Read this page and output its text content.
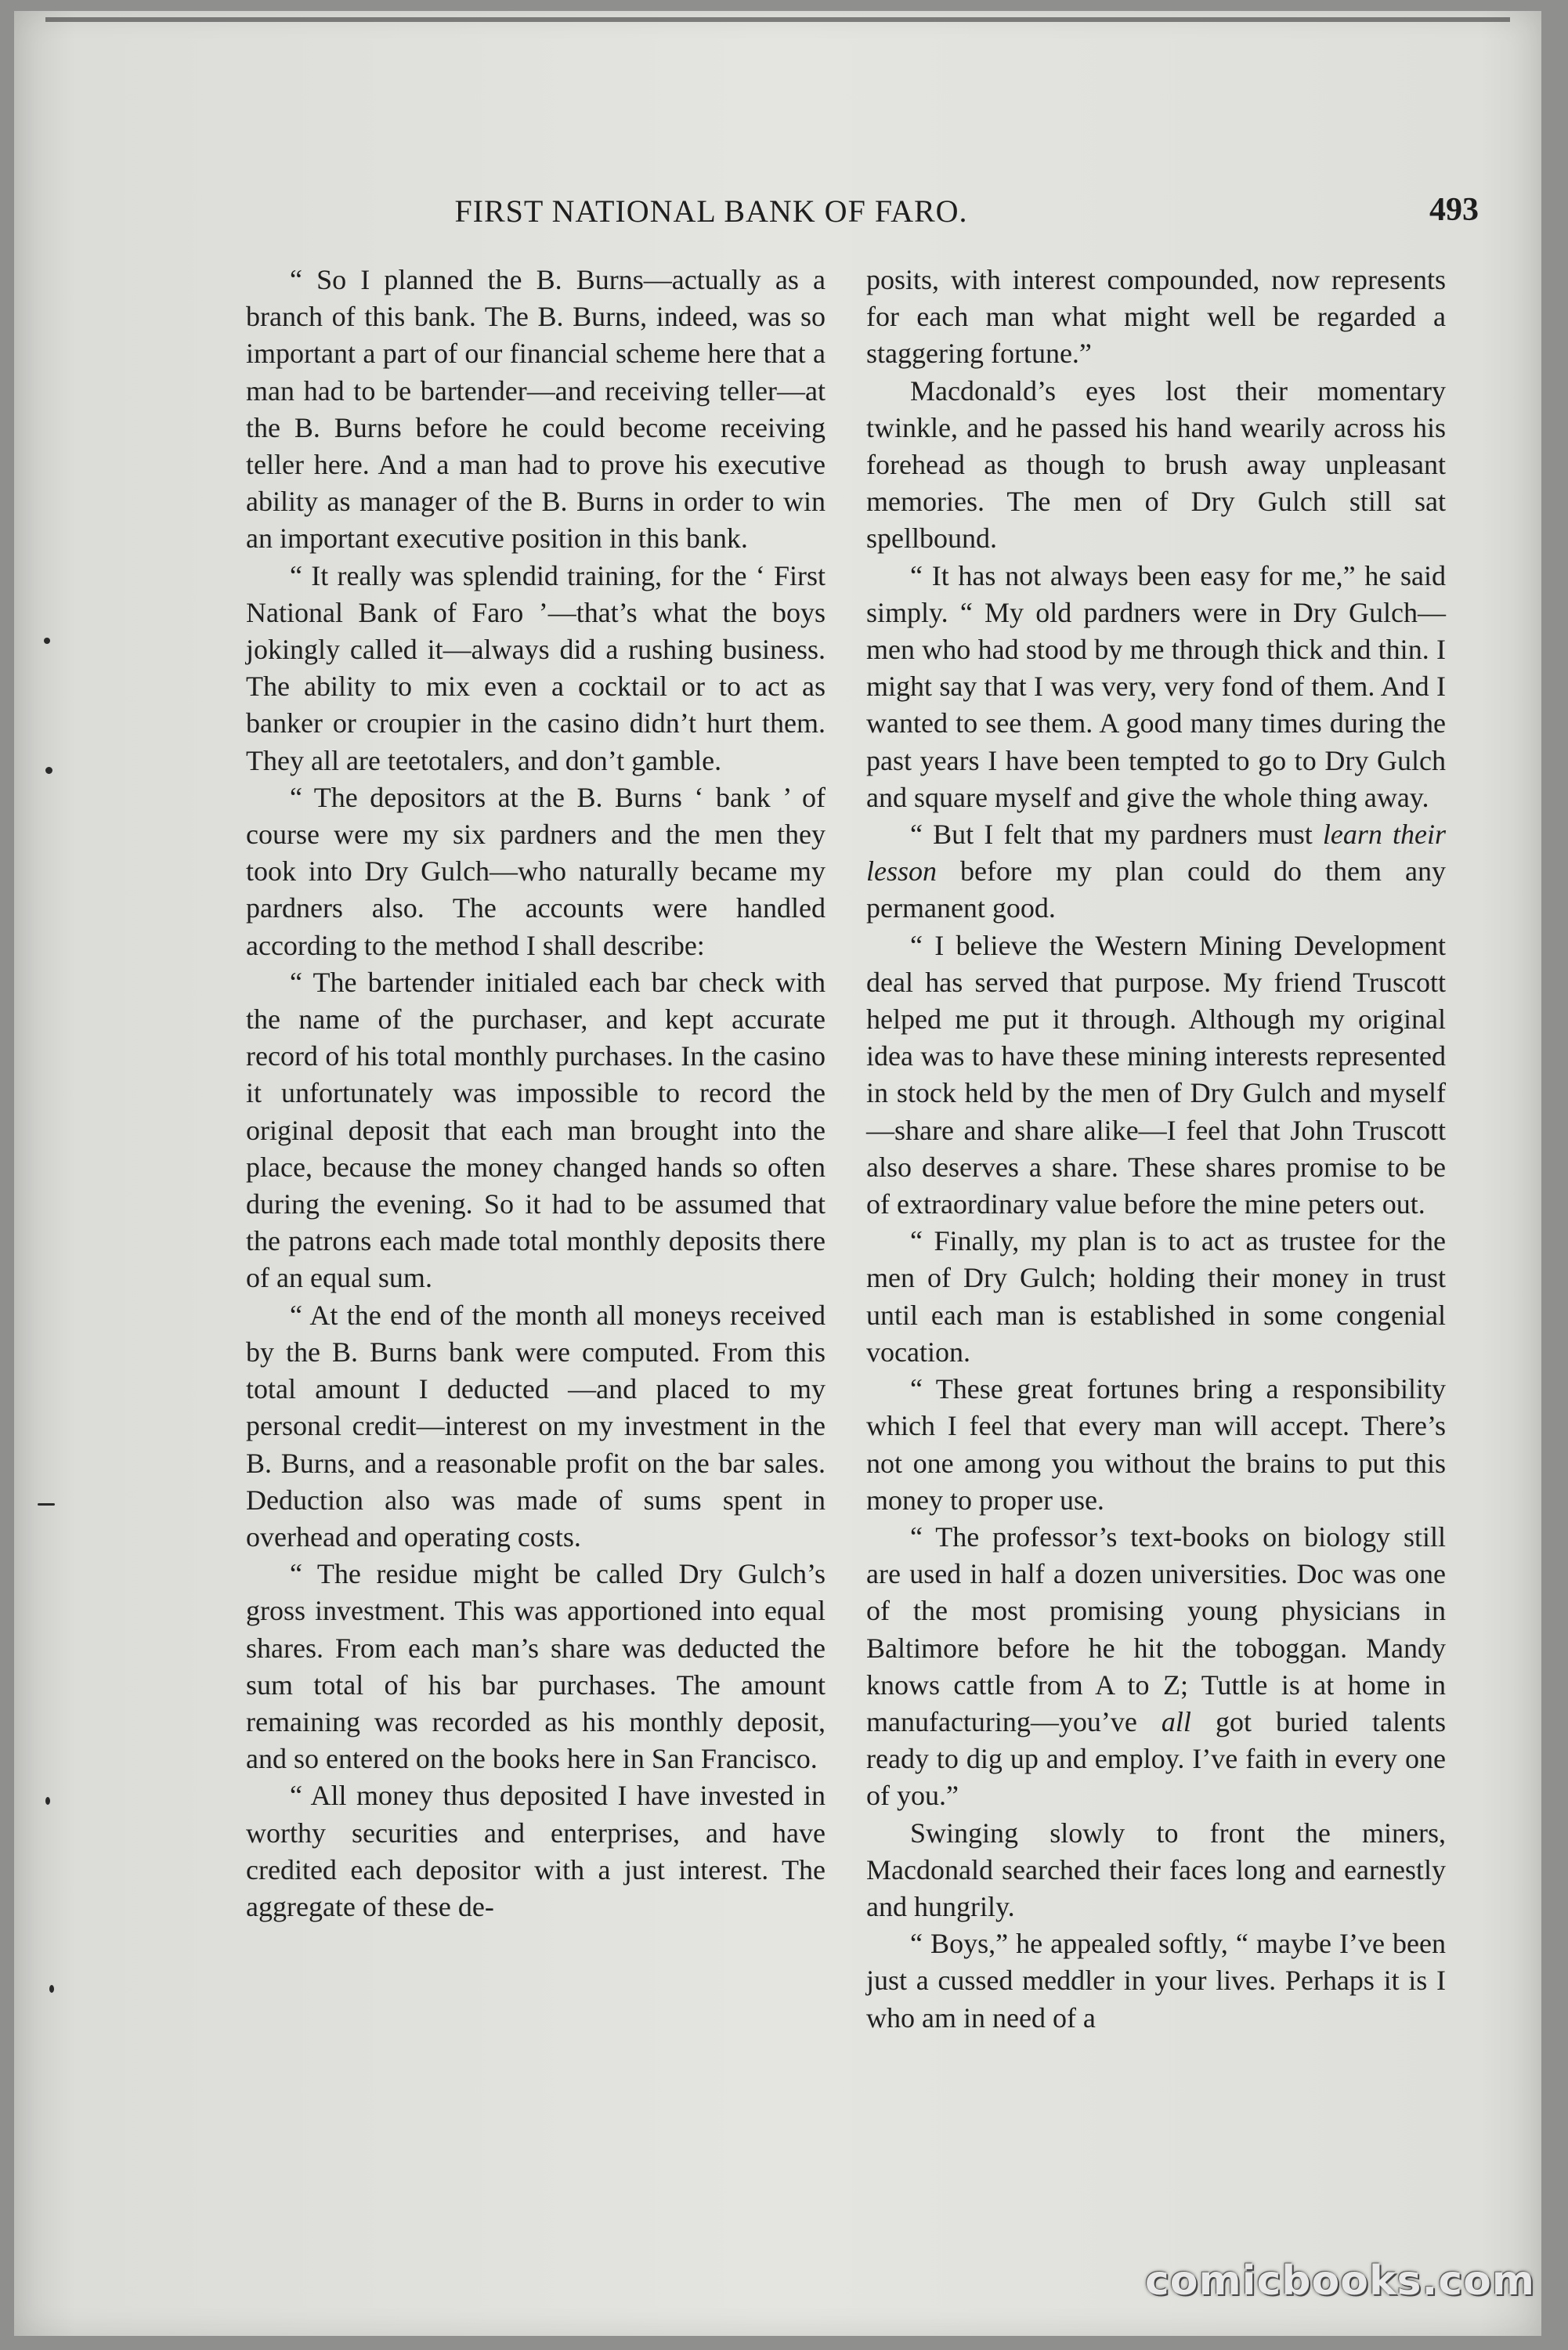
FIRST NATIONAL BANK OF FARO.	493

“ So I planned the B. Burns—actually as a branch of this bank. The B. Burns, indeed, was so important a part of our financial scheme here that a man had to be bartender—and receiving teller—at the B. Burns before he could become receiving teller here. And a man had to prove his executive ability as manager of the B. Burns in order to win an important executive position in this bank.

“ It really was splendid training, for the ‘ First National Bank of Faro ’—that’s what the boys jokingly called it—always did a rushing business. The ability to mix even a cocktail or to act as banker or croupier in the casino didn’t hurt them. They all are teetotalers, and don’t gamble.

“ The depositors at the B. Burns ‘ bank ’ of course were my six pardners and the men they took into Dry Gulch—who naturally became my pardners also. The accounts were handled according to the method I shall describe:

“ The bartender initialed each bar check with the name of the purchaser, and kept accurate record of his total monthly purchases. In the casino it unfortunately was impossible to record the original deposit that each man brought into the place, because the money changed hands so often during the evening. So it had to be assumed that the patrons each made total monthly deposits there of an equal sum.

“ At the end of the month all moneys received by the B. Burns bank were computed. From this total amount I deducted —and placed to my personal credit—interest on my investment in the B. Burns, and a reasonable profit on the bar sales. Deduction also was made of sums spent in overhead and operating costs.

“ The residue might be called Dry Gulch’s gross investment. This was apportioned into equal shares. From each man’s share was deducted the sum total of his bar purchases. The amount remaining was recorded as his monthly deposit, and so entered on the books here in San Francisco.

“ All money thus deposited I have invested in worthy securities and enterprises, and have credited each depositor with a just interest. The aggregate of these de-

posits, with interest compounded, now represents for each man what might well be regarded a staggering fortune.”

Macdonald’s eyes lost their momentary twinkle, and he passed his hand wearily across his forehead as though to brush away unpleasant memories. The men of Dry Gulch still sat spellbound.

“ It has not always been easy for me,” he said simply. “ My old pardners were in Dry Gulch—men who had stood by me through thick and thin. I might say that I was very, very fond of them. And I wanted to see them. A good many times during the past years I have been tempted to go to Dry Gulch and square myself and give the whole thing away.

“ But I felt that my pardners must learn their lesson before my plan could do them any permanent good.

“ I believe the Western Mining Development deal has served that purpose. My friend Truscott helped me put it through. Although my original idea was to have these mining interests represented in stock held by the men of Dry Gulch and myself —share and share alike—I feel that John Truscott also deserves a share. These shares promise to be of extraordinary value before the mine peters out.

“ Finally, my plan is to act as trustee for the men of Dry Gulch; holding their money in trust until each man is established in some congenial vocation.

“ These great fortunes bring a responsibility which I feel that every man will accept. There’s not one among you without the brains to put this money to proper use.

“ The professor’s text-books on biology still are used in half a dozen universities. Doc was one of the most promising young physicians in Baltimore before he hit the toboggan. Mandy knows cattle from A to Z; Tuttle is at home in manufacturing—you’ve all got buried talents ready to dig up and employ. I’ve faith in every one of you.”

Swinging slowly to front the miners, Macdonald searched their faces long and earnestly and hungrily.

“ Boys,” he appealed softly, “ maybe I’ve been just a cussed meddler in your lives. Perhaps it is I who am in need of a

comicbooks.com
